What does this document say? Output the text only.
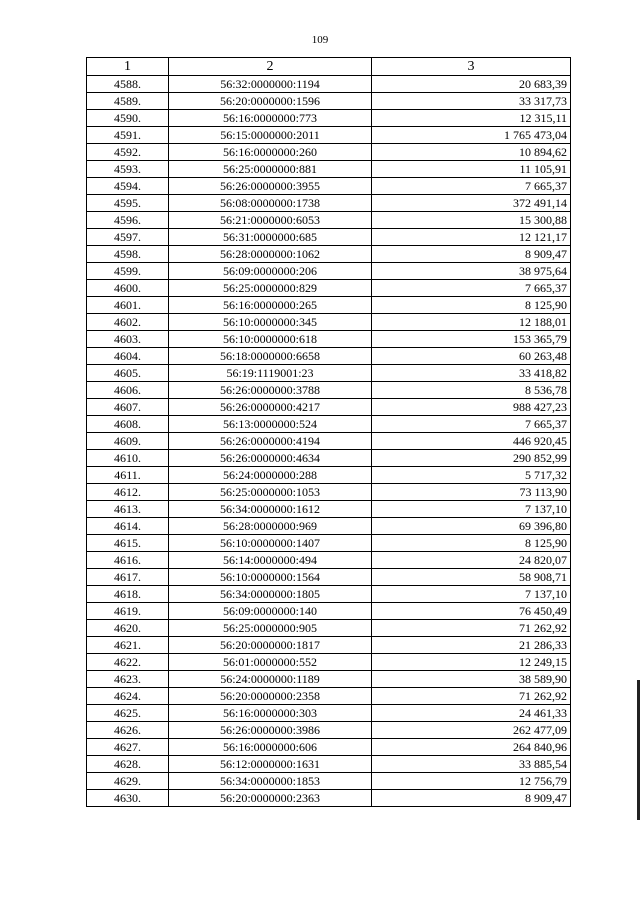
109
1	2	3
4588.	56:32:0000000:1194	20 683,39
4589.	56:20:0000000:1596	33 317,73
4590.	56:16:0000000:773	12 315,11
4591.	56:15:0000000:2011	1 765 473,04
4592.	56:16:0000000:260	10 894,62
4593.	56:25:0000000:881	11 105,91
4594.	56:26:0000000:3955	7 665,37
4595.	56:08:0000000:1738	372 491,14
4596.	56:21:0000000:6053	15 300,88
4597.	56:31:0000000:685	12 121,17
4598.	56:28:0000000:1062	8 909,47
4599.	56:09:0000000:206	38 975,64
4600.	56:25:0000000:829	7 665,37
4601.	56:16:0000000:265	8 125,90
4602.	56:10:0000000:345	12 188,01
4603.	56:10:0000000:618	153 365,79
4604.	56:18:0000000:6658	60 263,48
4605.	56:19:1119001:23	33 418,82
4606.	56:26:0000000:3788	8 536,78
4607.	56:26:0000000:4217	988 427,23
4608.	56:13:0000000:524	7 665,37
4609.	56:26:0000000:4194	446 920,45
4610.	56:26:0000000:4634	290 852,99
4611.	56:24:0000000:288	5 717,32
4612.	56:25:0000000:1053	73 113,90
4613.	56:34:0000000:1612	7 137,10
4614.	56:28:0000000:969	69 396,80
4615.	56:10:0000000:1407	8 125,90
4616.	56:14:0000000:494	24 820,07
4617.	56:10:0000000:1564	58 908,71
4618.	56:34:0000000:1805	7 137,10
4619.	56:09:0000000:140	76 450,49
4620.	56:25:0000000:905	71 262,92
4621.	56:20:0000000:1817	21 286,33
4622.	56:01:0000000:552	12 249,15
4623.	56:24:0000000:1189	38 589,90
4624.	56:20:0000000:2358	71 262,92
4625.	56:16:0000000:303	24 461,33
4626.	56:26:0000000:3986	262 477,09
4627.	56:16:0000000:606	264 840,96
4628.	56:12:0000000:1631	33 885,54
4629.	56:34:0000000:1853	12 756,79
4630.	56:20:0000000:2363	8 909,47
